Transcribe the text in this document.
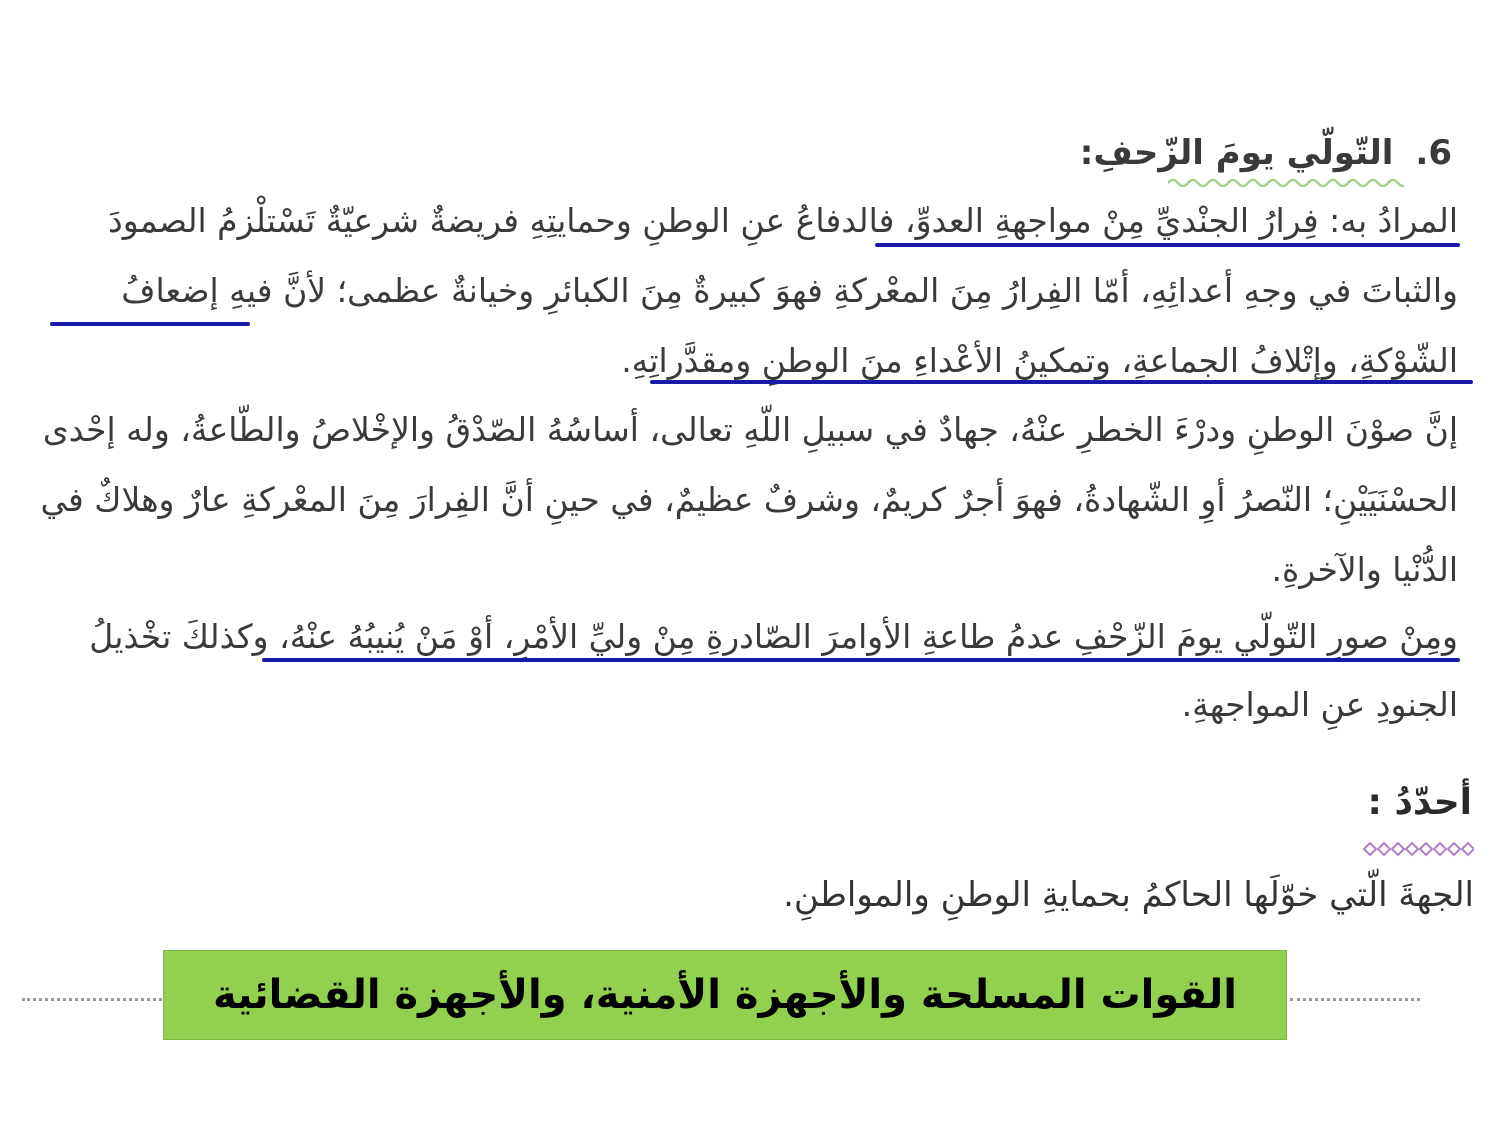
6.التّولّي يومَ الزّحفِ:
المرادُ به: فِرارُ الجنْديِّ مِنْ مواجهةِ العدوِّ، فالدفاعُ عنِ الوطنِ وحمايتِهِ فريضةٌ شرعيّةٌ تَسْتلْزمُ الصمودَ
والثباتَ في وجهِ أعدائِهِ، أمّا الفِرارُ مِنَ المعْركةِ فهوَ كبيرةٌ مِنَ الكبائرِ وخيانةٌ عظمى؛ لأنَّ فيهِ إضعافُ
الشّوْكةِ، وإتْلافُ الجماعةِ، وتمكينُ الأعْداءِ منَ الوطنِ ومقدَّراتِهِ.
إنَّ صوْنَ الوطنِ ودرْءَ الخطرِ عنْهُ، جهادٌ في سبيلِ اللّهِ تعالى، أساسُهُ الصّدْقُ والإخْلاصُ والطّاعةُ، وله إحْدى
الحسْنَيَيْنِ؛ النّصرُ أوِ الشّهادةُ، فهوَ أجرٌ كريمٌ، وشرفٌ عظيمٌ، في حينِ أنَّ الفِرارَ مِنَ المعْركةِ عارٌ وهلاكٌ في
الدُّنْيا والآخرةِ.
ومِنْ صورِ التّولّي يومَ الزّحْفِ عدمُ طاعةِ الأوامرَ الصّادرةِ مِنْ وليِّ الأمْرِ، أوْ مَنْ يُنيبُهُ عنْهُ، وكذلكَ تخْذيلُ
الجنودِ عنِ المواجهةِ.
أحدّدُ :
الجهةَ الّتي خوّلَها الحاكمُ بحمايةِ الوطنِ والمواطنِ.
القوات المسلحة والأجهزة الأمنية، والأجهزة القضائية
